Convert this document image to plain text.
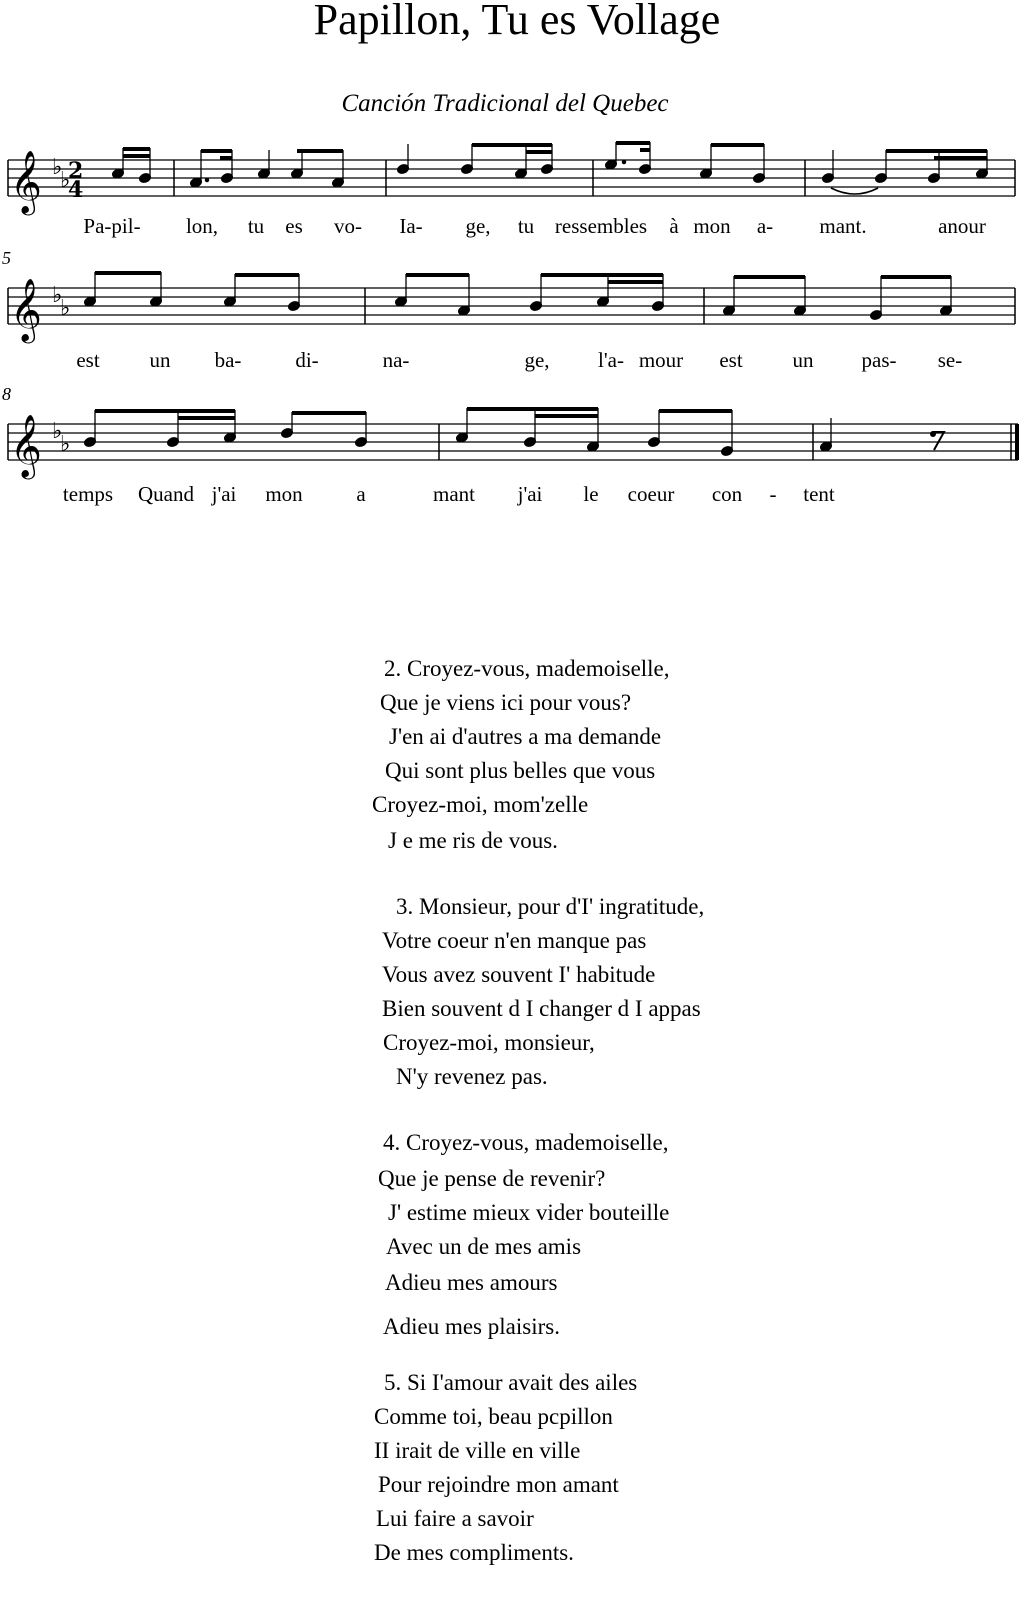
Papillon, Tu es Vollage
Canción Tradicional del Quebec
𝄞 ♭
♭
2
4
Pa-pil- lon, tu es vo- Ia- ge, tu ressembles à mon a- mant.	anour
5
𝄞 ♭
♭
est un ba-	di-	na-	ge, l'a- mour est un pas- se-
8
𝄞 ♭
♭
temps Quand j'ai mon	a	mant j'ai le coeur con - tent
2. Croyez-vous, mademoiselle,
Que je viens ici pour vous?
J'en ai d'autres a ma demande
Qui sont plus belles que vous
Croyez-moi, mom'zelle
J e me ris de vous.
3. Monsieur, pour d'I' ingratitude,
Votre coeur n'en manque pas
Vous avez souvent I' habitude
Bien souvent d I changer d I appas
Croyez-moi, monsieur,
N'y revenez pas.
4. Croyez-vous, mademoiselle,
Que je pense de revenir?
J' estime mieux vider bouteille
Avec un de mes amis
Adieu mes amours
Adieu mes plaisirs.
5. Si I'amour avait des ailes
Comme toi, beau pcpillon
II irait de ville en ville
Pour rejoindre mon amant
Lui faire a savoir
De mes compliments.
